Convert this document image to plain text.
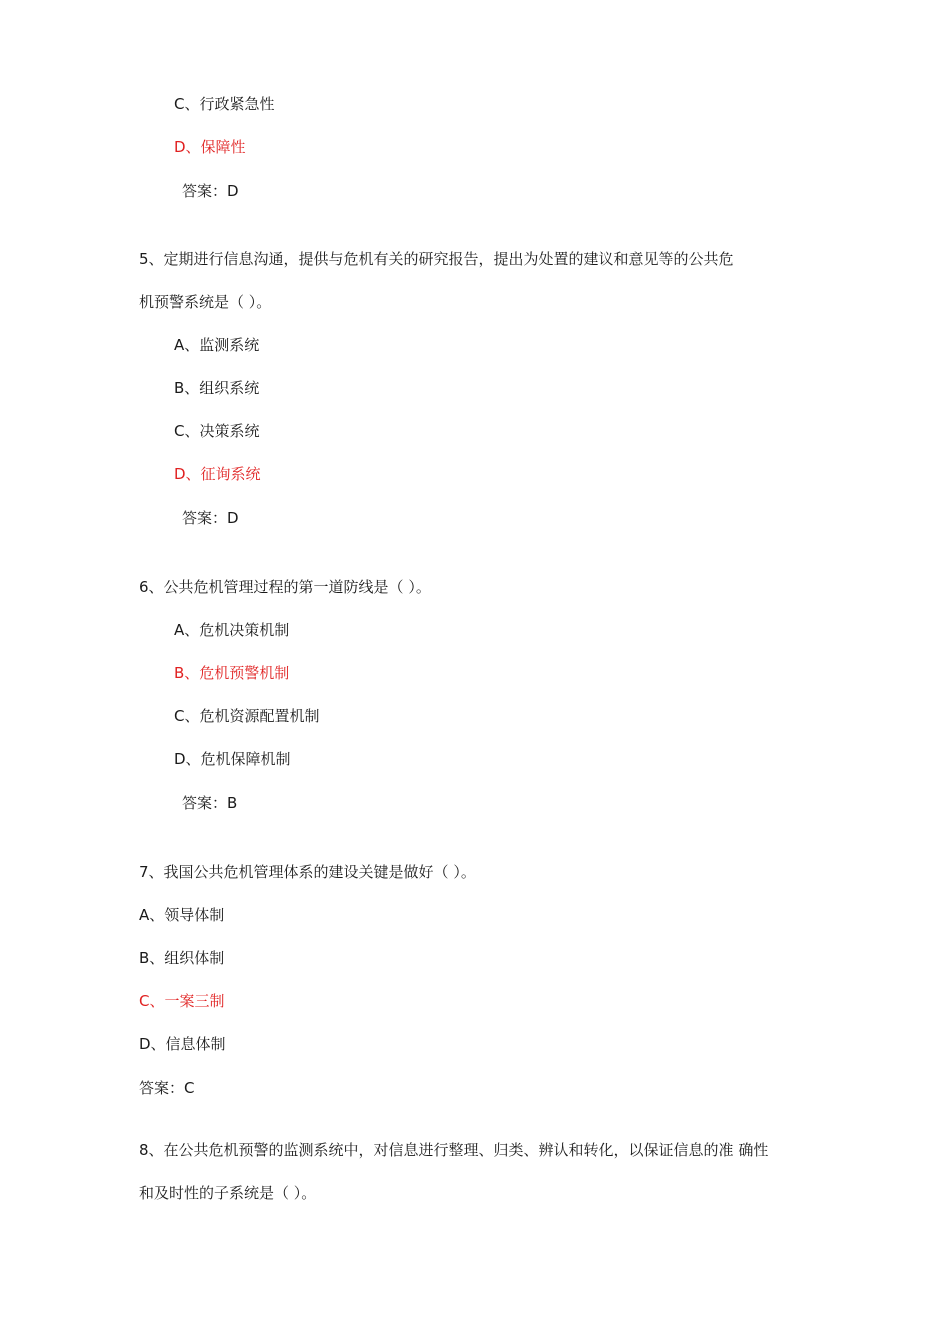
C、行政紧急性
D、保障性
答案：D
5、定期进行信息沟通，提供与危机有关的研究报告，提出为处置的建议和意见等的公共危
机预警系统是（ ）。
A、监测系统
B、组织系统
C、决策系统
D、征询系统
答案：D
6、公共危机管理过程的第一道防线是（ ）。
A、危机决策机制
B、危机预警机制
C、危机资源配置机制
D、危机保障机制
答案：B
7、我国公共危机管理体系的建设关键是做好（ ）。
A、领导体制
B、组织体制
C、一案三制
D、信息体制
答案：C
8、在公共危机预警的监测系统中，对信息进行整理、归类、辨认和转化，以保证信息的准 确性
和及时性的子系统是（ ）。
